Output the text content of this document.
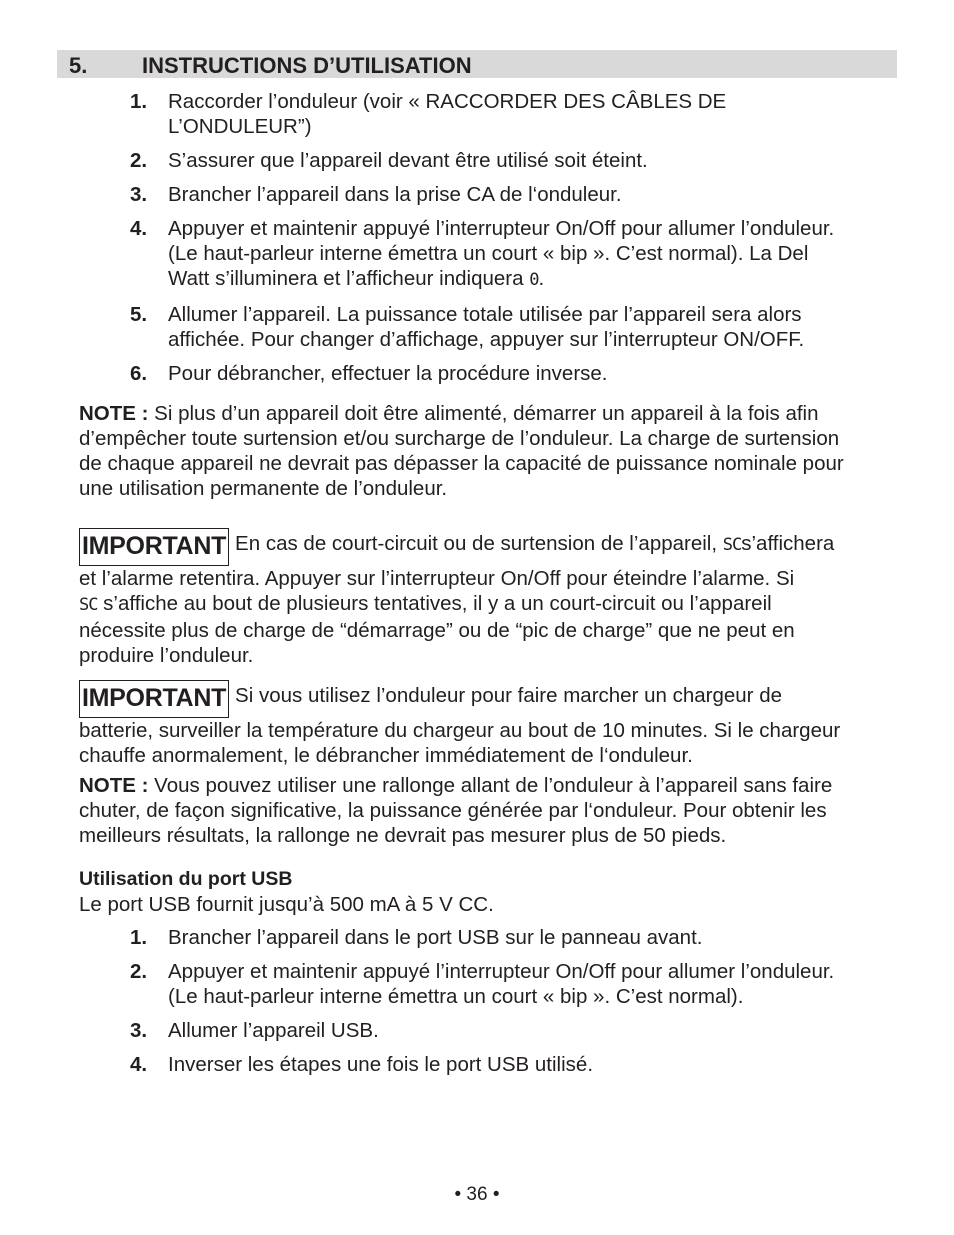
5. INSTRUCTIONS D’UTILISATION
1. Raccorder l’onduleur (voir « RACCORDER DES CÂBLES DE
L’ONDULEUR”)
2. S’assurer que l’appareil devant être utilisé soit éteint.
3. Brancher l’appareil dans la prise CA de l‘onduleur.
4. Appuyer et maintenir appuyé l’interrupteur On/Off pour allumer l’onduleur.
(Le haut-parleur interne émettra un court « bip ». C’est normal). La Del
Watt s’illuminera et l’afficheur indiquera 0.
5. Allumer l’appareil. La puissance totale utilisée par l’appareil sera alors
affichée. Pour changer d’affichage, appuyer sur l’interrupteur ON/OFF.
6. Pour débrancher, effectuer la procédure inverse.
NOTE : Si plus d’un appareil doit être alimenté, démarrer un appareil à la fois afin
d’empêcher toute surtension et/ou surcharge de l’onduleur. La charge de surtension
de chaque appareil ne devrait pas dépasser la capacité de puissance nominale pour
une utilisation permanente de l’onduleur.
IMPORTANT En cas de court-circuit ou de surtension de l’appareil, SCs’affichera
et l’alarme retentira. Appuyer sur l’interrupteur On/Off pour éteindre l’alarme. Si
SC s’affiche au bout de plusieurs tentatives, il y a un court-circuit ou l’appareil
nécessite plus de charge de “démarrage” ou de “pic de charge” que ne peut en
produire l’onduleur.
IMPORTANT Si vous utilisez l’onduleur pour faire marcher un chargeur de
batterie, surveiller la température du chargeur au bout de 10 minutes. Si le chargeur
chauffe anormalement, le débrancher immédiatement de l‘onduleur.
NOTE : Vous pouvez utiliser une rallonge allant de l’onduleur à l’appareil sans faire
chuter, de façon significative, la puissance générée par l‘onduleur. Pour obtenir les
meilleurs résultats, la rallonge ne devrait pas mesurer plus de 50 pieds.
Utilisation du port USB
Le port USB fournit jusqu’à 500 mA à 5 V CC.
1. Brancher l’appareil dans le port USB sur le panneau avant.
2. Appuyer et maintenir appuyé l’interrupteur On/Off pour allumer l’onduleur.
(Le haut-parleur interne émettra un court « bip ». C’est normal).
3. Allumer l’appareil USB.
4. Inverser les étapes une fois le port USB utilisé.
• 36 •
